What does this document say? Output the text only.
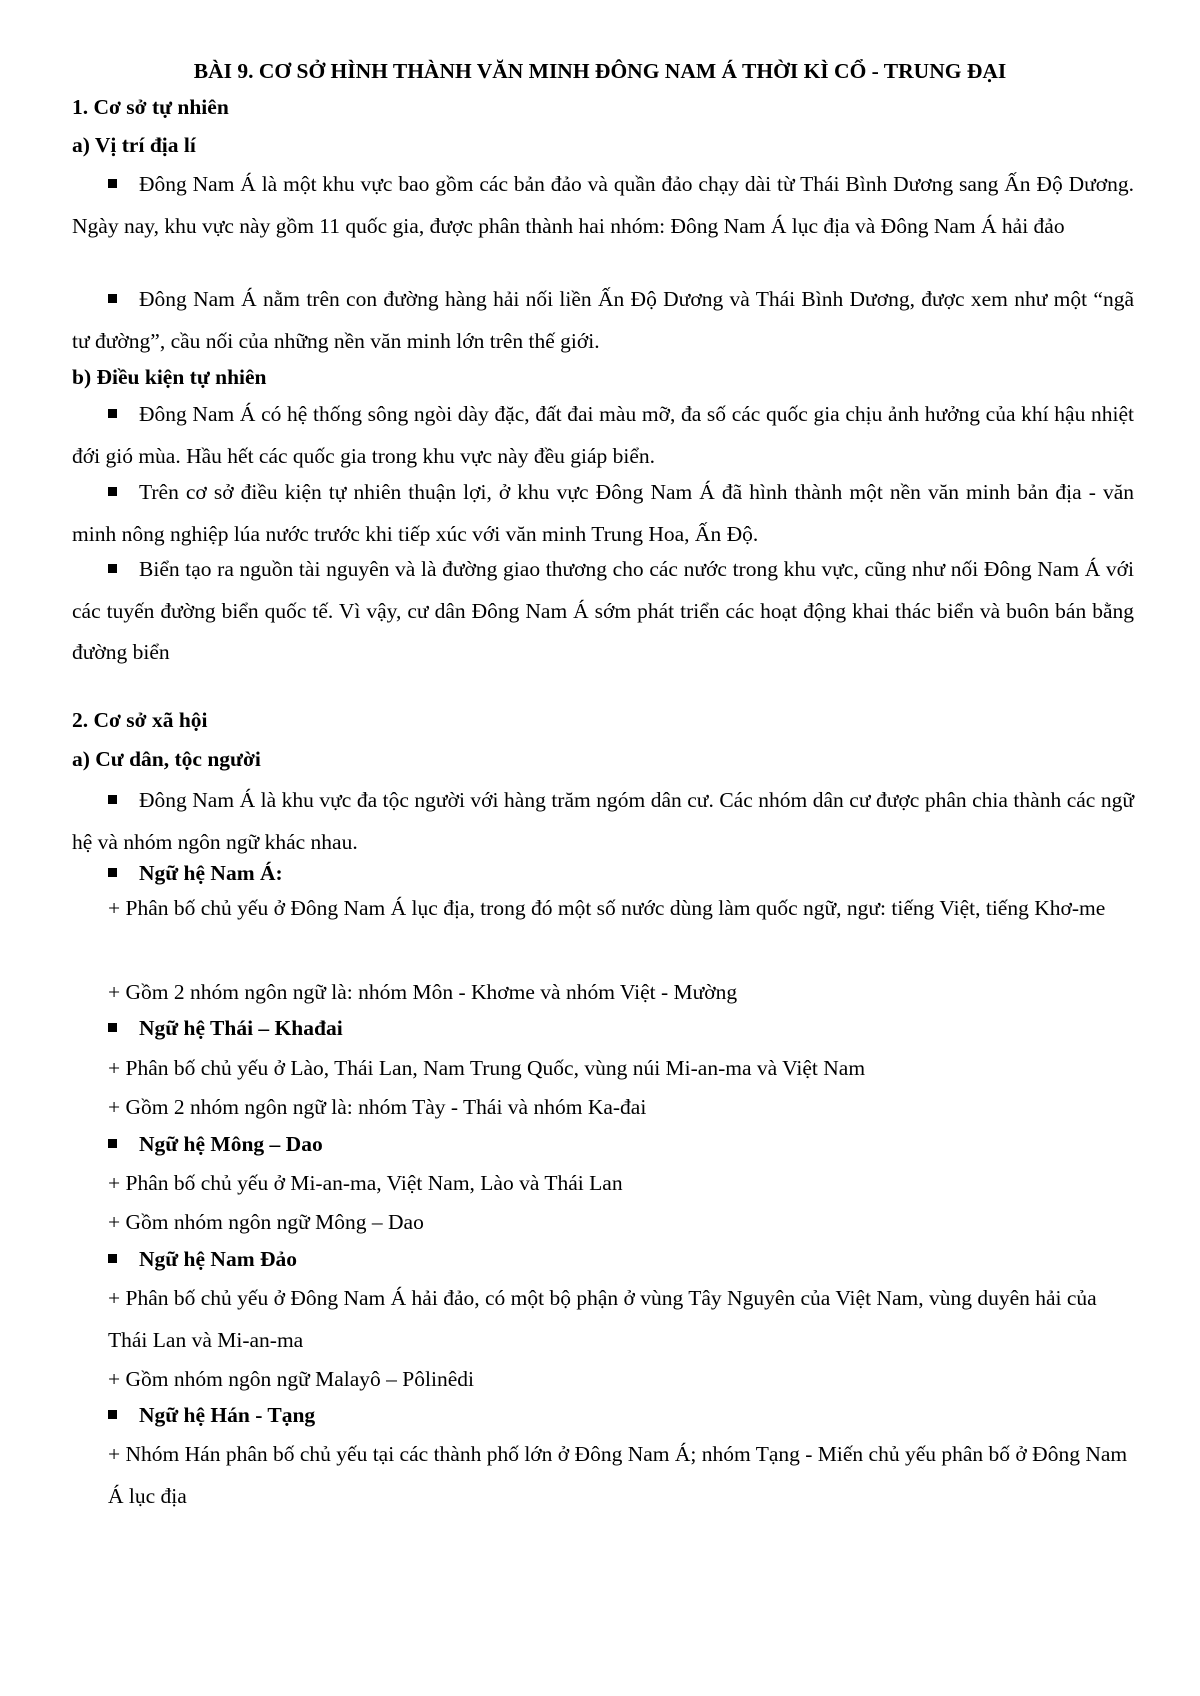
BÀI 9. CƠ SỞ HÌNH THÀNH VĂN MINH ĐÔNG NAM Á THỜI KÌ CỔ - TRUNG ĐẠI
1. Cơ sở tự nhiên
a) Vị trí địa lí

Đông Nam Á là một khu vực bao gồm các bản đảo và quần đảo chạy dài từ Thái Bình Dương sang Ấn Độ Dương. Ngày nay, khu vực này gồm 11 quốc gia, được phân thành hai nhóm: Đông Nam Á lục địa và Đông Nam Á hải đảo

Đông Nam Á nằm trên con đường hàng hải nối liền Ấn Độ Dương và Thái Bình Dương, được xem như một “ngã tư đường”, cầu nối của những nền văn minh lớn trên thế giới.

b) Điều kiện tự nhiên

Đông Nam Á có hệ thống sông ngòi dày đặc, đất đai màu mỡ, đa số các quốc gia chịu ảnh hưởng của khí hậu nhiệt đới gió mùa. Hầu hết các quốc gia trong khu vực này đều giáp biển.

Trên cơ sở điều kiện tự nhiên thuận lợi, ở khu vực Đông Nam Á đã hình thành một nền văn minh bản địa - văn minh nông nghiệp lúa nước trước khi tiếp xúc với văn minh Trung Hoa, Ấn Độ.

Biển tạo ra nguồn tài nguyên và là đường giao thương cho các nước trong khu vực, cũng như nối Đông Nam Á với các tuyến đường biển quốc tế. Vì vậy, cư dân Đông Nam Á sớm phát triển các hoạt động khai thác biển và buôn bán bằng đường biển

2. Cơ sở xã hội
a) Cư dân, tộc người

Đông Nam Á là khu vực đa tộc người với hàng trăm ngóm dân cư. Các nhóm dân cư được phân chia thành các ngữ hệ và nhóm ngôn ngữ khác nhau.

Ngữ hệ Nam Á:

+ Phân bố chủ yếu ở Đông Nam Á lục địa, trong đó một số nước dùng làm quốc ngữ, ngư: tiếng Việt, tiếng Khơ-me

+ Gồm 2 nhóm ngôn ngữ là: nhóm Môn - Khơme và nhóm Việt - Mường

Ngữ hệ Thái – Khađai

+ Phân bố chủ yếu ở Lào, Thái Lan, Nam Trung Quốc, vùng núi Mi-an-ma và Việt Nam

+ Gồm 2 nhóm ngôn ngữ là: nhóm Tày - Thái và nhóm Ka-đai

Ngữ hệ Mông – Dao

+ Phân bố chủ yếu ở Mi-an-ma, Việt Nam, Lào và Thái Lan

+ Gồm nhóm ngôn ngữ Mông – Dao

Ngữ hệ Nam Đảo

+ Phân bố chủ yếu ở Đông Nam Á hải đảo, có một bộ phận ở vùng Tây Nguyên của Việt Nam, vùng duyên hải của Thái Lan và Mi-an-ma

+ Gồm nhóm ngôn ngữ Malayô – Pôlinêdi

Ngữ hệ Hán - Tạng

+ Nhóm Hán phân bố chủ yếu tại các thành phố lớn ở Đông Nam Á; nhóm Tạng - Miến chủ yếu phân bố ở Đông Nam Á lục địa
